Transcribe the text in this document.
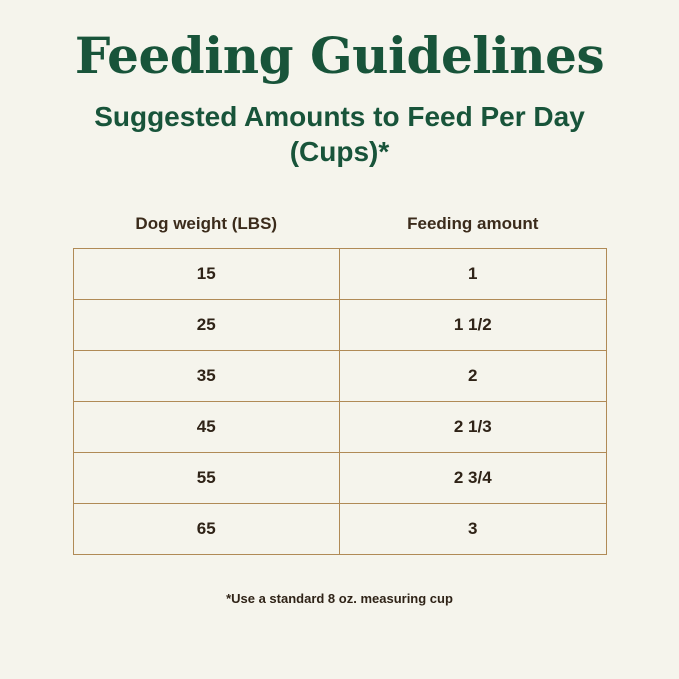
Feeding Guidelines
Suggested Amounts to Feed Per Day (Cups)*
Dog weight (LBS)	Feeding amount
15	1
25	1 1/2
35	2
45	2 1/3
55	2 3/4
65	3
*Use a standard 8 oz. measuring cup
